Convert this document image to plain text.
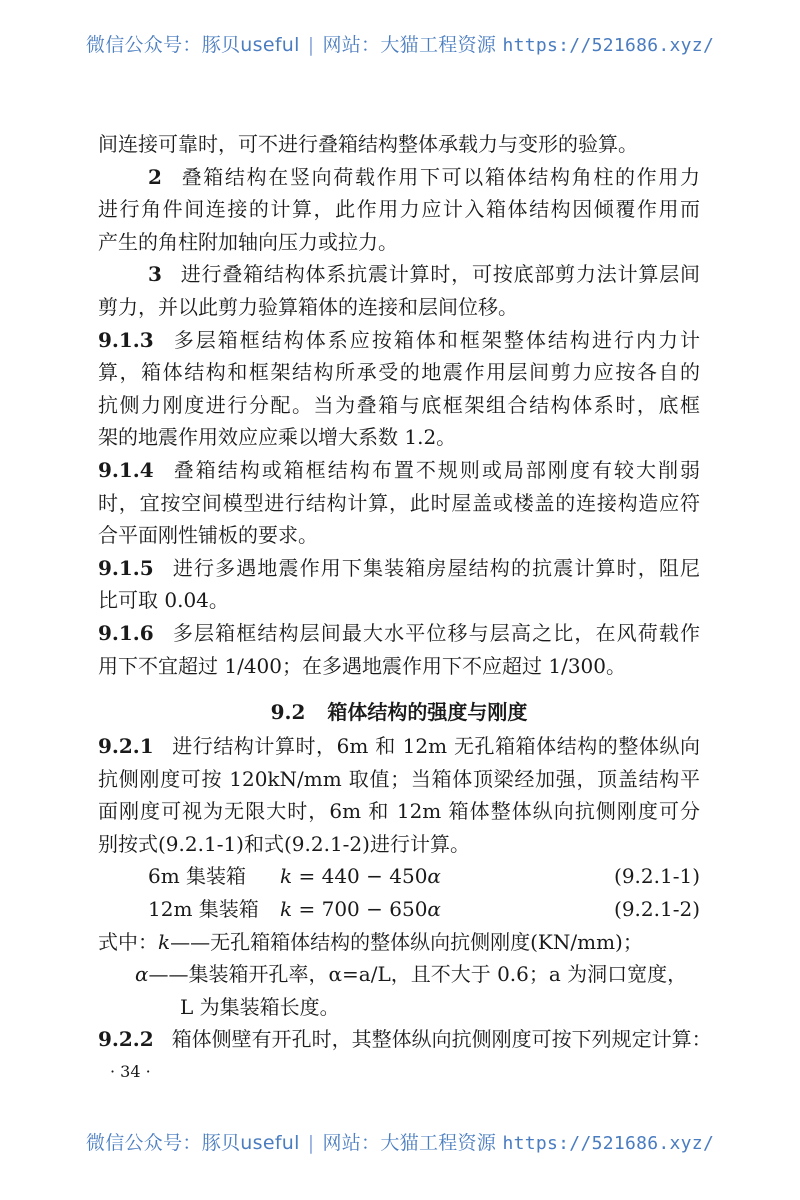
微信公众号：豚贝useful | 网站：大猫工程资源 https://521686.xyz/
间连接可靠时，可不进行叠箱结构整体承载力与变形的验算。
2 叠箱结构在竖向荷载作用下可以箱体结构角柱的作用力
进行角件间连接的计算，此作用力应计入箱体结构因倾覆作用而
产生的角柱附加轴向压力或拉力。
3 进行叠箱结构体系抗震计算时，可按底部剪力法计算层间
剪力，并以此剪力验算箱体的连接和层间位移。
9.1.3 多层箱框结构体系应按箱体和框架整体结构进行内力计
算，箱体结构和框架结构所承受的地震作用层间剪力应按各自的
抗侧力刚度进行分配。当为叠箱与底框架组合结构体系时，底框
架的地震作用效应应乘以增大系数 1.2。
9.1.4 叠箱结构或箱框结构布置不规则或局部刚度有较大削弱
时，宜按空间模型进行结构计算，此时屋盖或楼盖的连接构造应符
合平面刚性铺板的要求。
9.1.5 进行多遇地震作用下集装箱房屋结构的抗震计算时，阻尼
比可取 0.04。
9.1.6 多层箱框结构层间最大水平位移与层高之比，在风荷载作
用下不宜超过 1/400；在多遇地震作用下不应超过 1/300。
9.2 箱体结构的强度与刚度
9.2.1 进行结构计算时，6m 和 12m 无孔箱箱体结构的整体纵向
抗侧刚度可按 120kN/mm 取值；当箱体顶梁经加强，顶盖结构平
面刚度可视为无限大时，6m 和 12m 箱体整体纵向抗侧刚度可分
别按式(9.2.1-1)和式(9.2.1-2)进行计算。
6m 集装箱	k = 440 − 450α	(9.2.1-1)
12m 集装箱	k = 700 − 650α	(9.2.1-2)
式中：k——无孔箱箱体结构的整体纵向抗侧刚度(KN/mm)；
α——集装箱开孔率，α=a/L，且不大于 0.6；a 为洞口宽度，
L 为集装箱长度。
9.2.2 箱体侧壁有开孔时，其整体纵向抗侧刚度可按下列规定计算：
· 34 ·
微信公众号：豚贝useful | 网站：大猫工程资源 https://521686.xyz/
